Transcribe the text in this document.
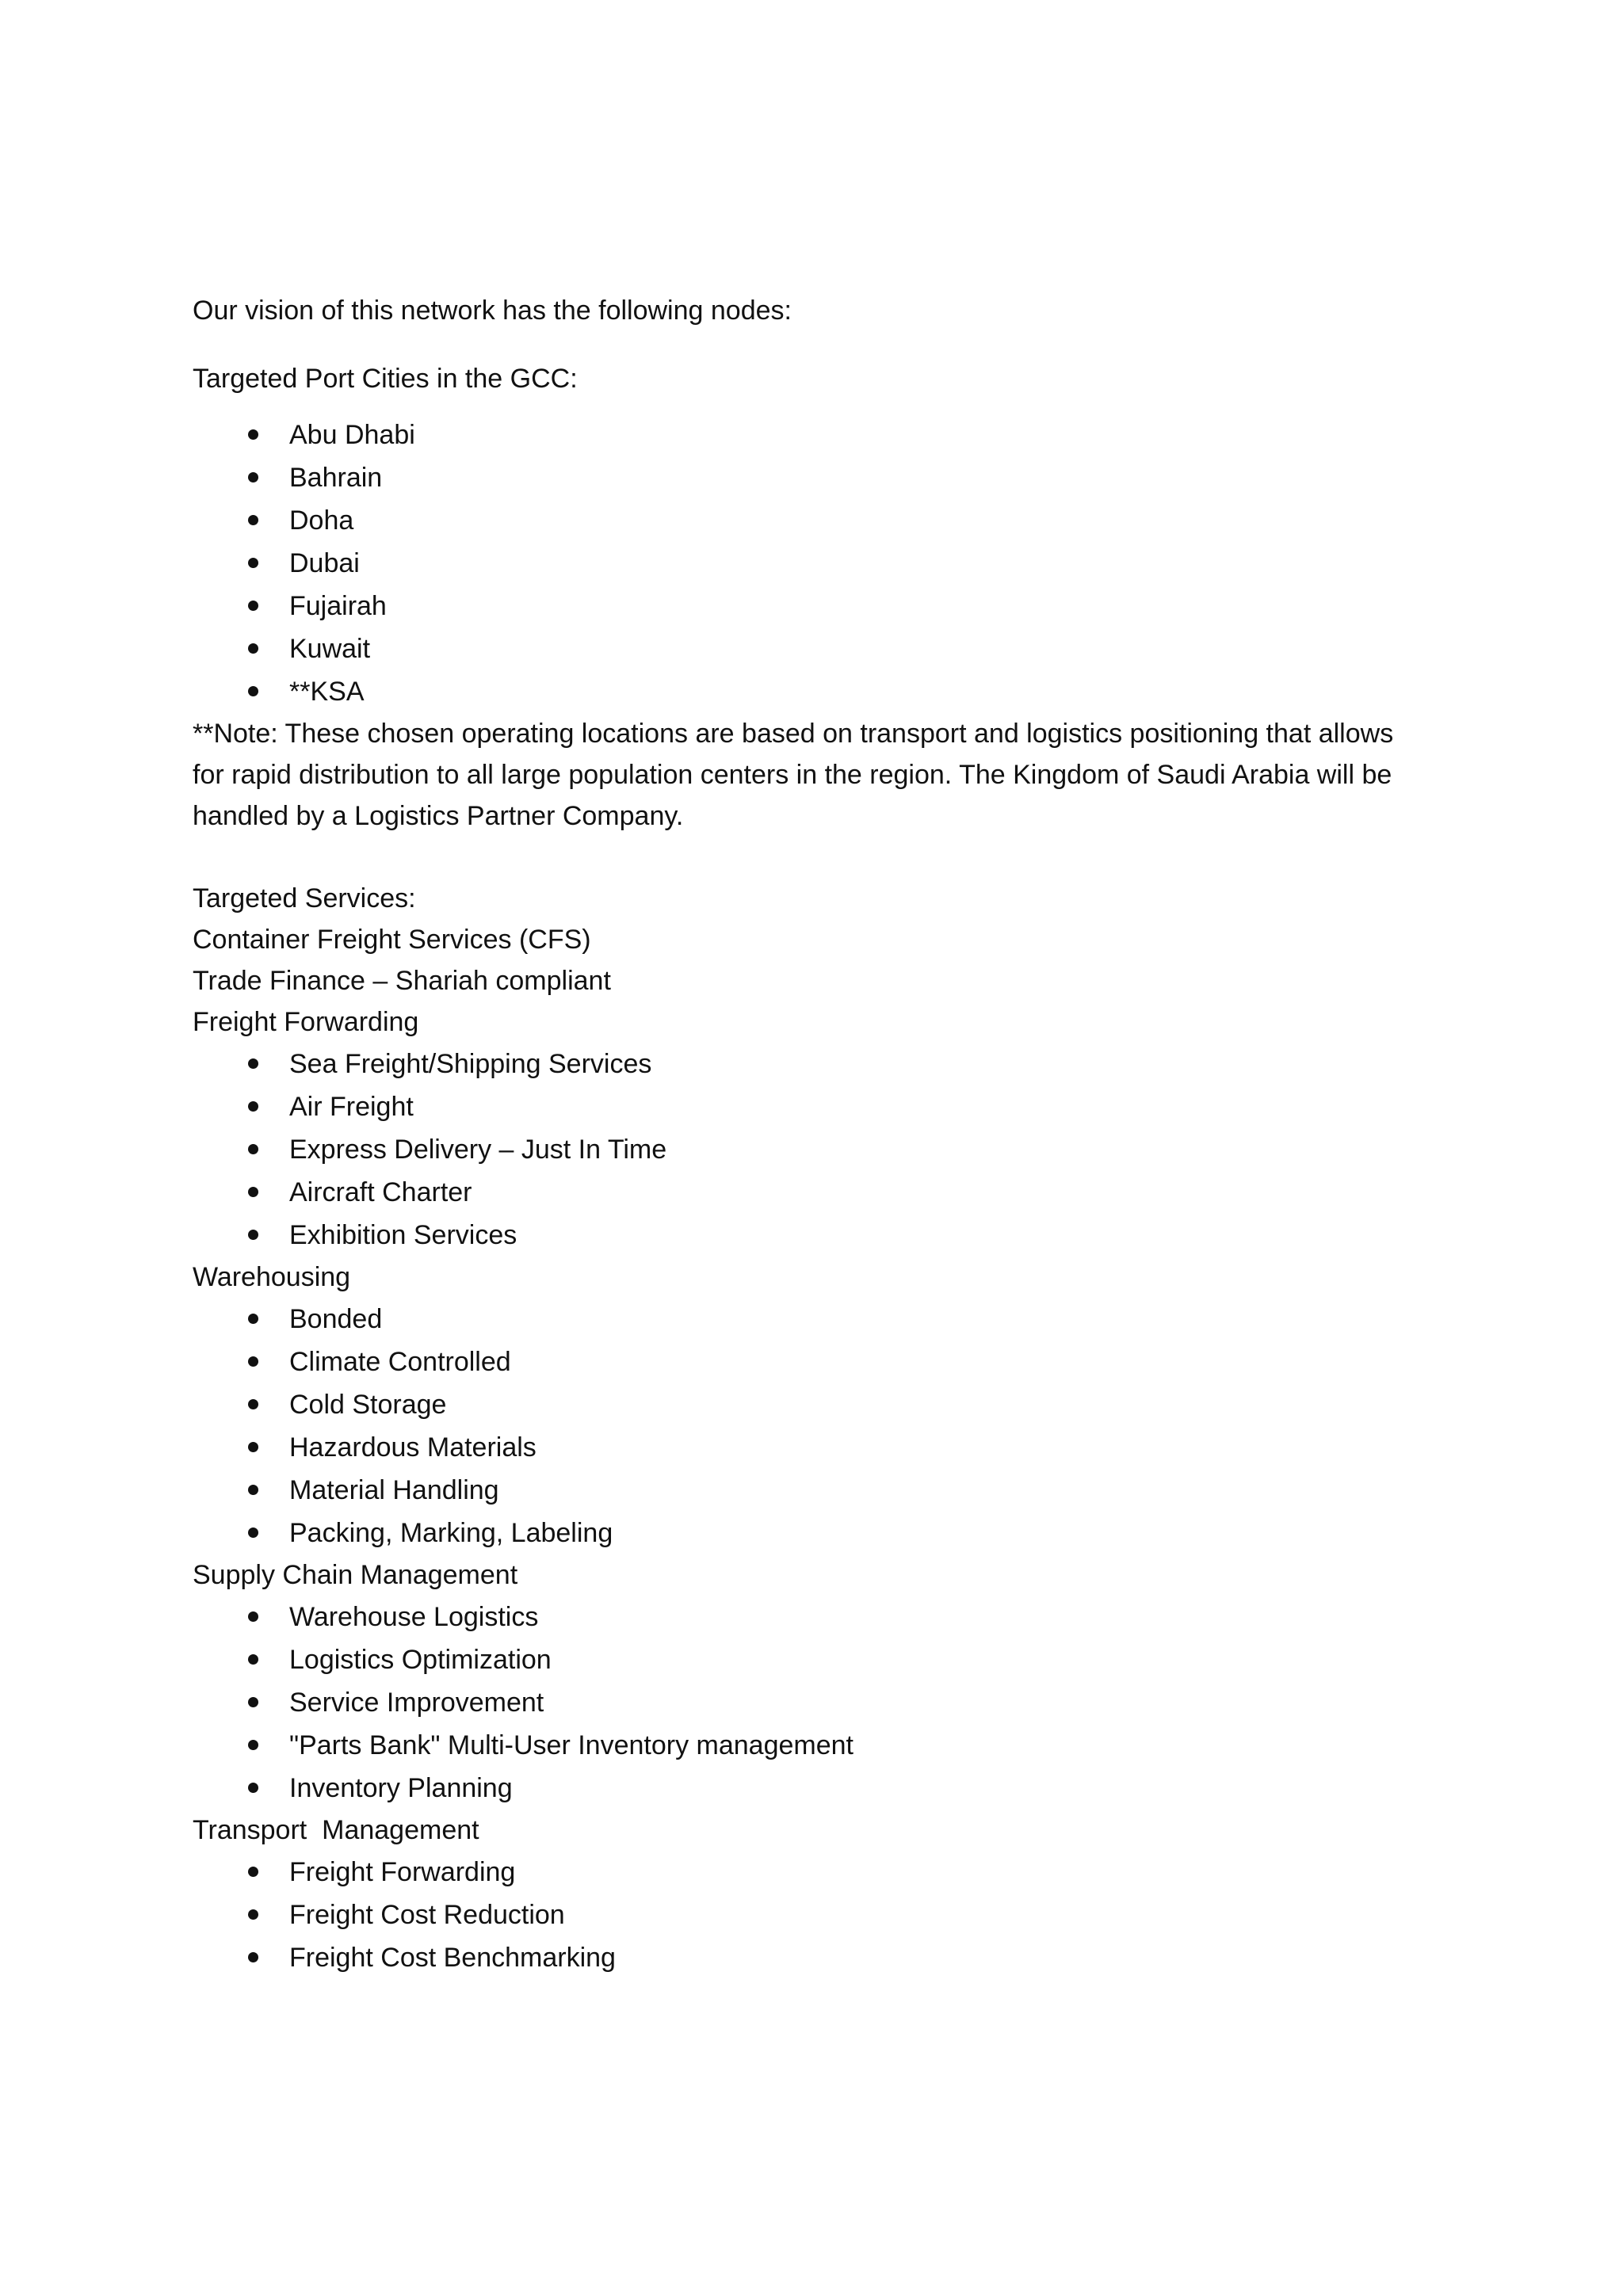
Our vision of this network has the following nodes:

Targeted Port Cities in the GCC:

Abu Dhabi
Bahrain
Doha
Dubai
Fujairah
Kuwait
**KSA

**Note: These chosen operating locations are based on transport and logistics positioning that allows for rapid distribution to all large population centers in the region. The Kingdom of Saudi Arabia will be handled by a Logistics Partner Company.

Targeted Services:

Container Freight Services (CFS)

Trade Finance – Shariah compliant

Freight Forwarding

Sea Freight/Shipping Services
Air Freight
Express Delivery – Just In Time
Aircraft Charter
Exhibition Services

Warehousing

Bonded
Climate Controlled
Cold Storage
Hazardous Materials
Material Handling
Packing, Marking, Labeling

Supply Chain Management

Warehouse Logistics
Logistics Optimization
Service Improvement
"Parts Bank" Multi-User Inventory management
Inventory Planning

Transport  Management

Freight Forwarding
Freight Cost Reduction
Freight Cost Benchmarking
